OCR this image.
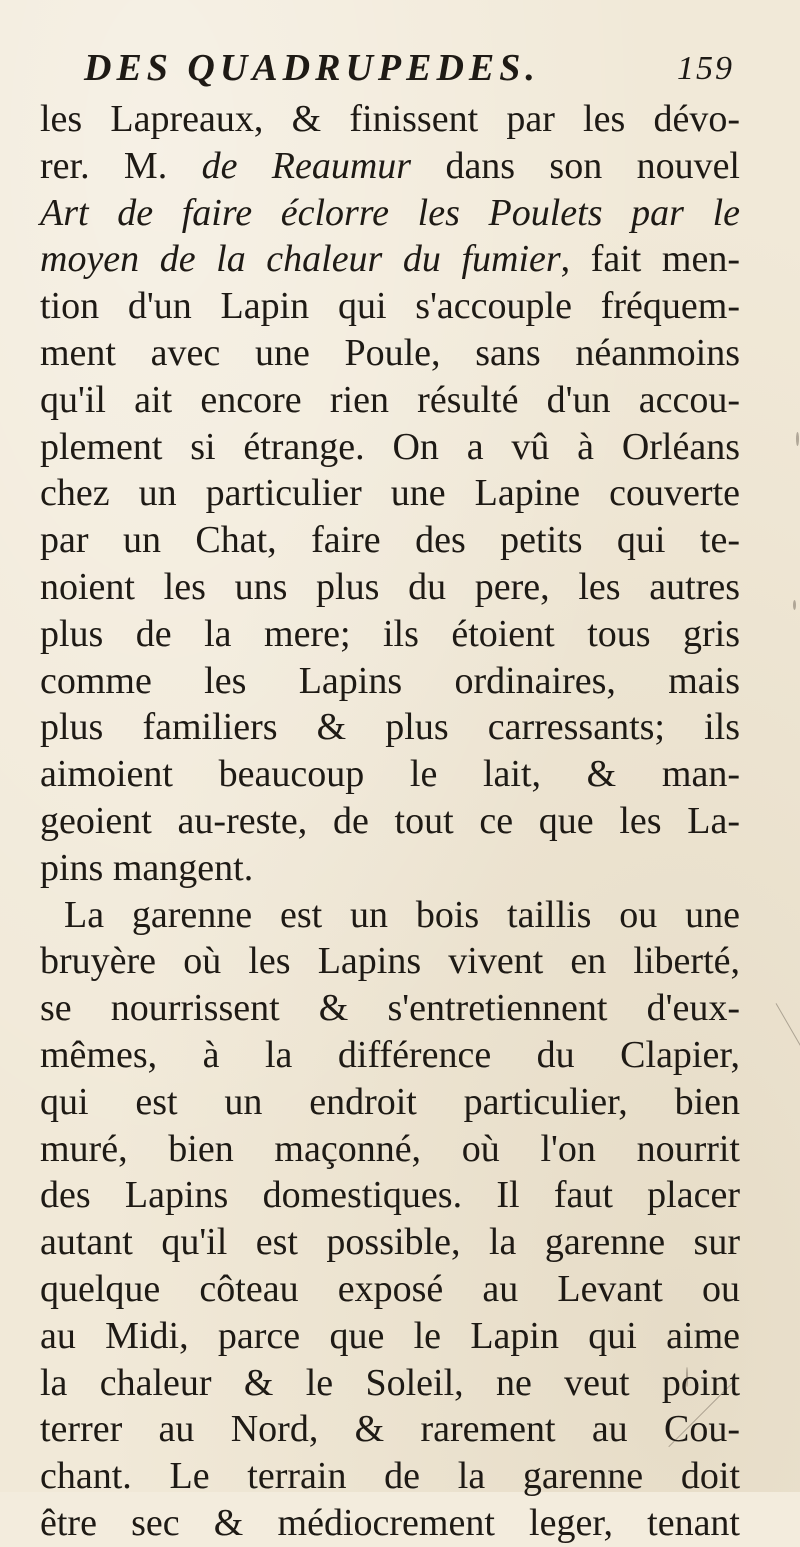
DES QUADRUPEDES.	159
les Lapreaux, & finissent par les dévo-
rer. M. de Reaumur dans son nouvel
Art de faire éclorre les Poulets par le
moyen de la chaleur du fumier, fait men-
tion d'un Lapin qui s'accouple fréquem-
ment avec une Poule, sans néanmoins
qu'il ait encore rien résulté d'un accou-
plement si étrange. On a vû à Orléans
chez un particulier une Lapine couverte
par un Chat, faire des petits qui te-
noient les uns plus du pere, les autres
plus de la mere; ils étoient tous gris
comme les Lapins ordinaires, mais
plus familiers & plus carressants; ils
aimoient beaucoup le lait, & man-
geoient au-reste, de tout ce que les La-
pins mangent.
La garenne est un bois taillis ou une
bruyère où les Lapins vivent en liberté,
se nourrissent & s'entretiennent d'eux-
mêmes, à la différence du Clapier,
qui est un endroit particulier, bien
muré, bien maçonné, où l'on nourrit
des Lapins domestiques. Il faut placer
autant qu'il est possible, la garenne sur
quelque côteau exposé au Levant ou
au Midi, parce que le Lapin qui aime
la chaleur & le Soleil, ne veut point
terrer au Nord, & rarement au Cou-
chant. Le terrain de la garenne doit
être sec & médiocrement leger, tenant
